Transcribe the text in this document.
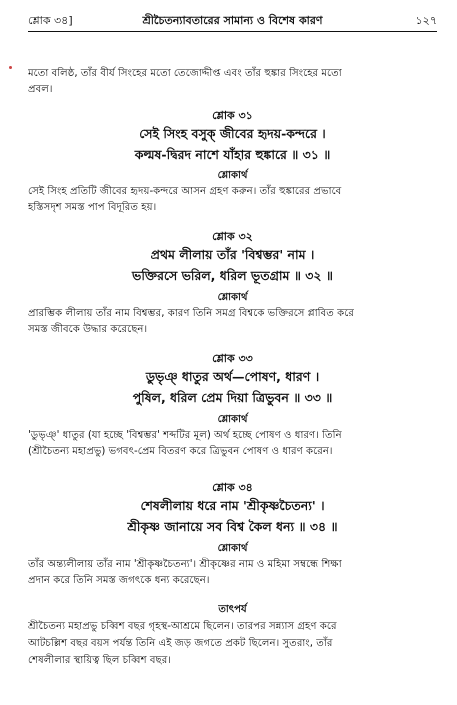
শ্লোক ৩৪]	শ্রীচৈতন্যাবতারের সামান্য ও বিশেষ কারণ	১২৭
মতো বলিষ্ঠ, তাঁর বীর্য সিংহের মতো তেজোদ্দীপ্ত এবং তাঁর হুঙ্কার সিংহের মতো
প্রবল।
শ্লোক ৩১
সেই সিংহ বসুক্ জীবের হৃদয়-কন্দরে ।
কল্মষ-দ্বিরদ নাশে যাঁহার হুঙ্কারে ॥ ৩১ ॥
শ্লোকার্থ
সেই সিংহ প্রতিটি জীবের হৃদয়-কন্দরে আসন গ্রহণ করুন। তাঁর হুঙ্কারের প্রভাবে
হস্তিসদৃশ সমস্ত পাপ বিদূরিত হয়।
শ্লোক ৩২
প্রথম লীলায় তাঁর 'বিশ্বম্ভর' নাম ।
ভক্তিরসে ভরিল, ধরিল ভূতগ্রাম ॥ ৩২ ॥
শ্লোকার্থ
প্রারম্ভিক লীলায় তাঁর নাম বিশ্বম্ভর, কারণ তিনি সমগ্র বিশ্বকে ভক্তিরসে প্লাবিত করে
সমস্ত জীবকে উদ্ধার করেছেন।
শ্লোক ৩৩
ডুভৃঞ্ ধাতুর অর্থ—পোষণ, ধারণ ।
পুষিল, ধরিল প্রেম দিয়া ত্রিভুবন ॥ ৩৩ ॥
শ্লোকার্থ
'ডুভৃঞ্' ধাতুর (যা হচ্ছে 'বিশ্বম্ভর' শব্দটির মূল) অর্থ হচ্ছে পোষণ ও ধারণ। তিনি
(শ্রীচৈতন্য মহাপ্রভু) ভগবৎ-প্রেম বিতরণ করে ত্রিভুবন পোষণ ও ধারণ করেন।
শ্লোক ৩৪
শেষলীলায় ধরে নাম 'শ্রীকৃষ্ণচৈতন্য' ।
শ্রীকৃষ্ণ জানায়ে সব বিশ্ব কৈল ধন্য ॥ ৩৪ ॥
শ্লোকার্থ
তাঁর অন্ত্যলীলায় তাঁর নাম 'শ্রীকৃষ্ণচৈতন্য'। শ্রীকৃষ্ণের নাম ও মহিমা সম্বন্ধে শিক্ষা
প্রদান করে তিনি সমস্ত জগৎকে ধন্য করেছেন।
তাৎপর্য
শ্রীচৈতন্য মহাপ্রভু চব্বিশ বছর গৃহস্থ-আশ্রমে ছিলেন। তারপর সন্ন্যাস গ্রহণ করে
আটচল্লিশ বছর বয়স পর্যন্ত তিনি এই জড় জগতে প্রকট ছিলেন। সুতরাং, তাঁর
শেষলীলার স্থায়িত্ব ছিল চব্বিশ বছর।
